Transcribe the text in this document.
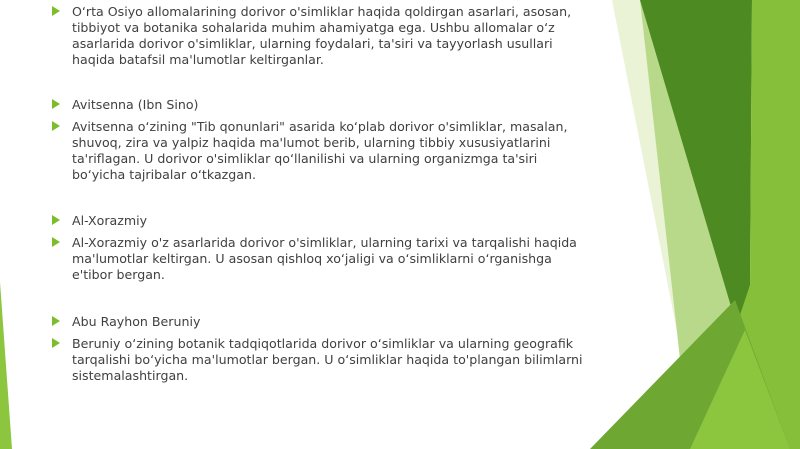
O‘rta Osiyo allomalarining dorivor o'simliklar haqida qoldirgan asarlari, asosan, tibbiyot va botanika sohalarida muhim ahamiyatga ega. Ushbu allomalar o‘z asarlarida dorivor o'simliklar, ularning foydalari, ta'siri va tayyorlash usullari haqida batafsil ma'lumotlar keltirganlar.
Avitsenna (Ibn Sino)
Avitsenna o‘zining "Tib qonunlari" asarida ko‘plab dorivor o'simliklar, masalan, shuvoq, zira va yalpiz haqida ma'lumot berib, ularning tibbiy xususiyatlarini ta'riflagan. U dorivor o'simliklar qo‘llanilishi va ularning organizmga ta'siri bo‘yicha tajribalar o‘tkazgan.
Al-Xorazmiy
Al-Xorazmiy o'z asarlarida dorivor o'simliklar, ularning tarixi va tarqalishi haqida ma'lumotlar keltirgan. U asosan qishloq xo‘jaligi va o‘simliklarni o‘rganishga e'tibor bergan.
Abu Rayhon Beruniy
Beruniy o‘zining botanik tadqiqotlarida dorivor o‘simliklar va ularning geografik tarqalishi bo‘yicha ma'lumotlar bergan. U o‘simliklar haqida to'plangan bilimlarni sistemalashtirgan.
